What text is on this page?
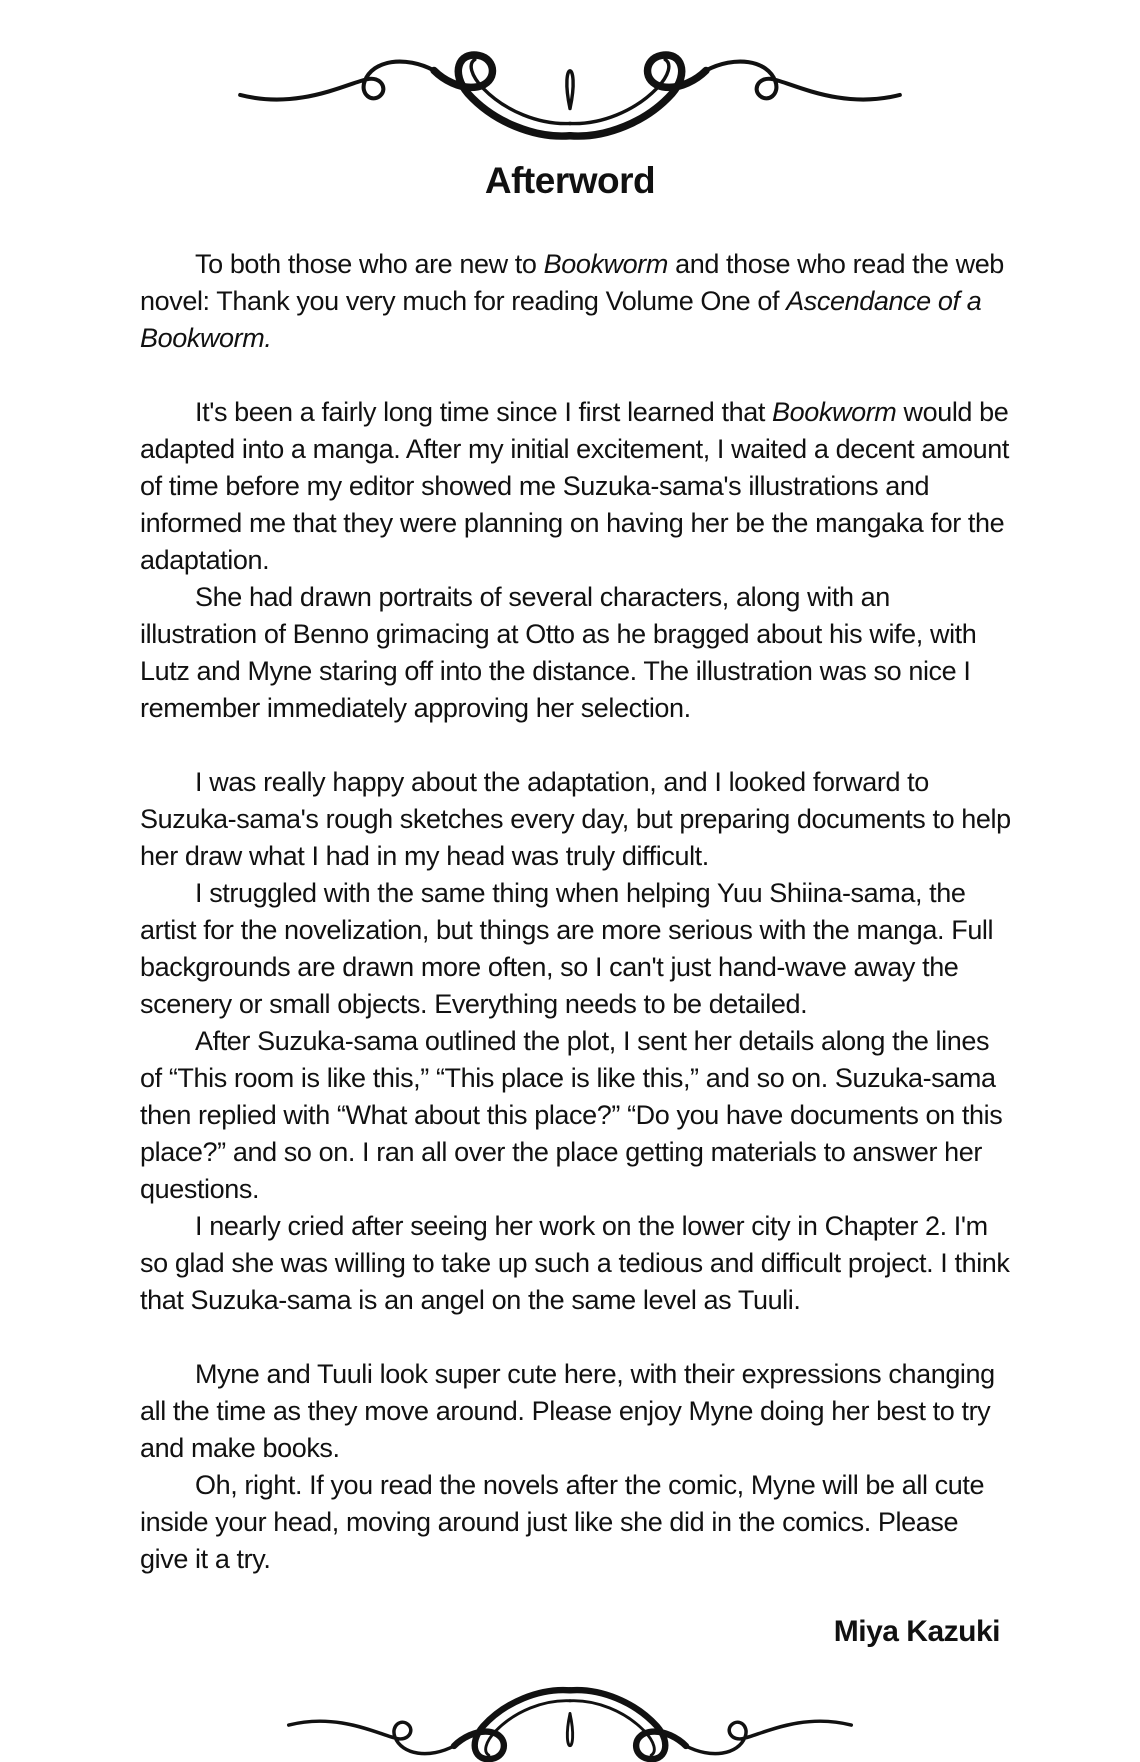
Afterword

To both those who are new to Bookworm and those who read the web novel: Thank you very much for reading Volume One of Ascendance of a Bookworm.

It's been a fairly long time since I first learned that Bookworm would be adapted into a manga. After my initial excitement, I waited a decent amount of time before my editor showed me Suzuka-sama's illustrations and informed me that they were planning on having her be the mangaka for the adaptation.

She had drawn portraits of several characters, along with an illustration of Benno grimacing at Otto as he bragged about his wife, with Lutz and Myne staring off into the distance. The illustration was so nice I remember immediately approving her selection.

I was really happy about the adaptation, and I looked forward to Suzuka-sama's rough sketches every day, but preparing documents to help her draw what I had in my head was truly difficult.

I struggled with the same thing when helping Yuu Shiina-sama, the artist for the novelization, but things are more serious with the manga. Full backgrounds are drawn more often, so I can't just hand-wave away the scenery or small objects. Everything needs to be detailed.

After Suzuka-sama outlined the plot, I sent her details along the lines of “This room is like this,” “This place is like this,” and so on. Suzuka-sama then replied with “What about this place?” “Do you have documents on this place?” and so on. I ran all over the place getting materials to answer her questions.

I nearly cried after seeing her work on the lower city in Chapter 2. I'm so glad she was willing to take up such a tedious and difficult project. I think that Suzuka-sama is an angel on the same level as Tuuli.

Myne and Tuuli look super cute here, with their expressions changing all the time as they move around. Please enjoy Myne doing her best to try and make books.

Oh, right. If you read the novels after the comic, Myne will be all cute inside your head, moving around just like she did in the comics. Please give it a try.

Miya Kazuki
